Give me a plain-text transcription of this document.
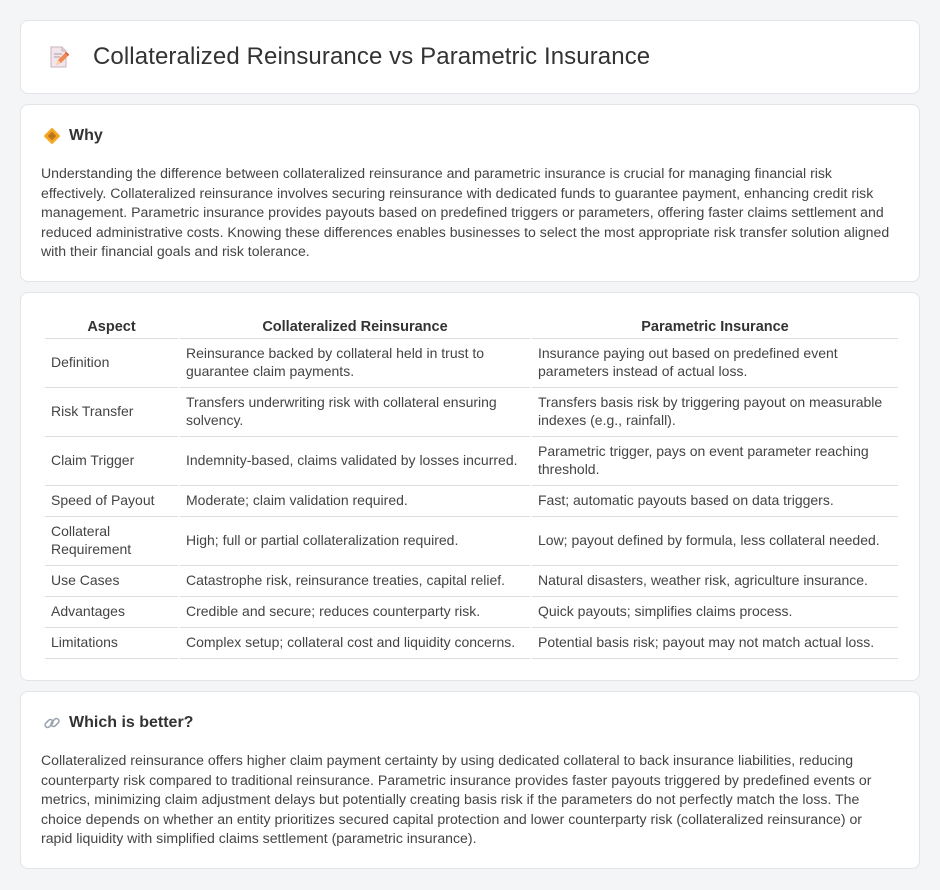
Collateralized Reinsurance vs Parametric Insurance
Why

Understanding the difference between collateralized reinsurance and parametric insurance is crucial for managing financial risk effectively. Collateralized reinsurance involves securing reinsurance with dedicated funds to guarantee payment, enhancing credit risk management. Parametric insurance provides payouts based on predefined triggers or parameters, offering faster claims settlement and reduced administrative costs. Knowing these differences enables businesses to select the most appropriate risk transfer solution aligned with their financial goals and risk tolerance.

Aspect	Collateralized Reinsurance	Parametric Insurance
Definition	Reinsurance backed by collateral held in trust to guarantee claim payments.	Insurance paying out based on predefined event parameters instead of actual loss.
Risk Transfer	Transfers underwriting risk with collateral ensuring solvency.	Transfers basis risk by triggering payout on measurable indexes (e.g., rainfall).
Claim Trigger	Indemnity-based, claims validated by losses incurred.	Parametric trigger, pays on event parameter reaching threshold.
Speed of Payout	Moderate; claim validation required.	Fast; automatic payouts based on data triggers.
Collateral Requirement	High; full or partial collateralization required.	Low; payout defined by formula, less collateral needed.
Use Cases	Catastrophe risk, reinsurance treaties, capital relief.	Natural disasters, weather risk, agriculture insurance.
Advantages	Credible and secure; reduces counterparty risk.	Quick payouts; simplifies claims process.
Limitations	Complex setup; collateral cost and liquidity concerns.	Potential basis risk; payout may not match actual loss.
Which is better?

Collateralized reinsurance offers higher claim payment certainty by using dedicated collateral to back insurance liabilities, reducing counterparty risk compared to traditional reinsurance. Parametric insurance provides faster payouts triggered by predefined events or metrics, minimizing claim adjustment delays but potentially creating basis risk if the parameters do not perfectly match the loss. The choice depends on whether an entity prioritizes secured capital protection and lower counterparty risk (collateralized reinsurance) or rapid liquidity with simplified claims settlement (parametric insurance).
